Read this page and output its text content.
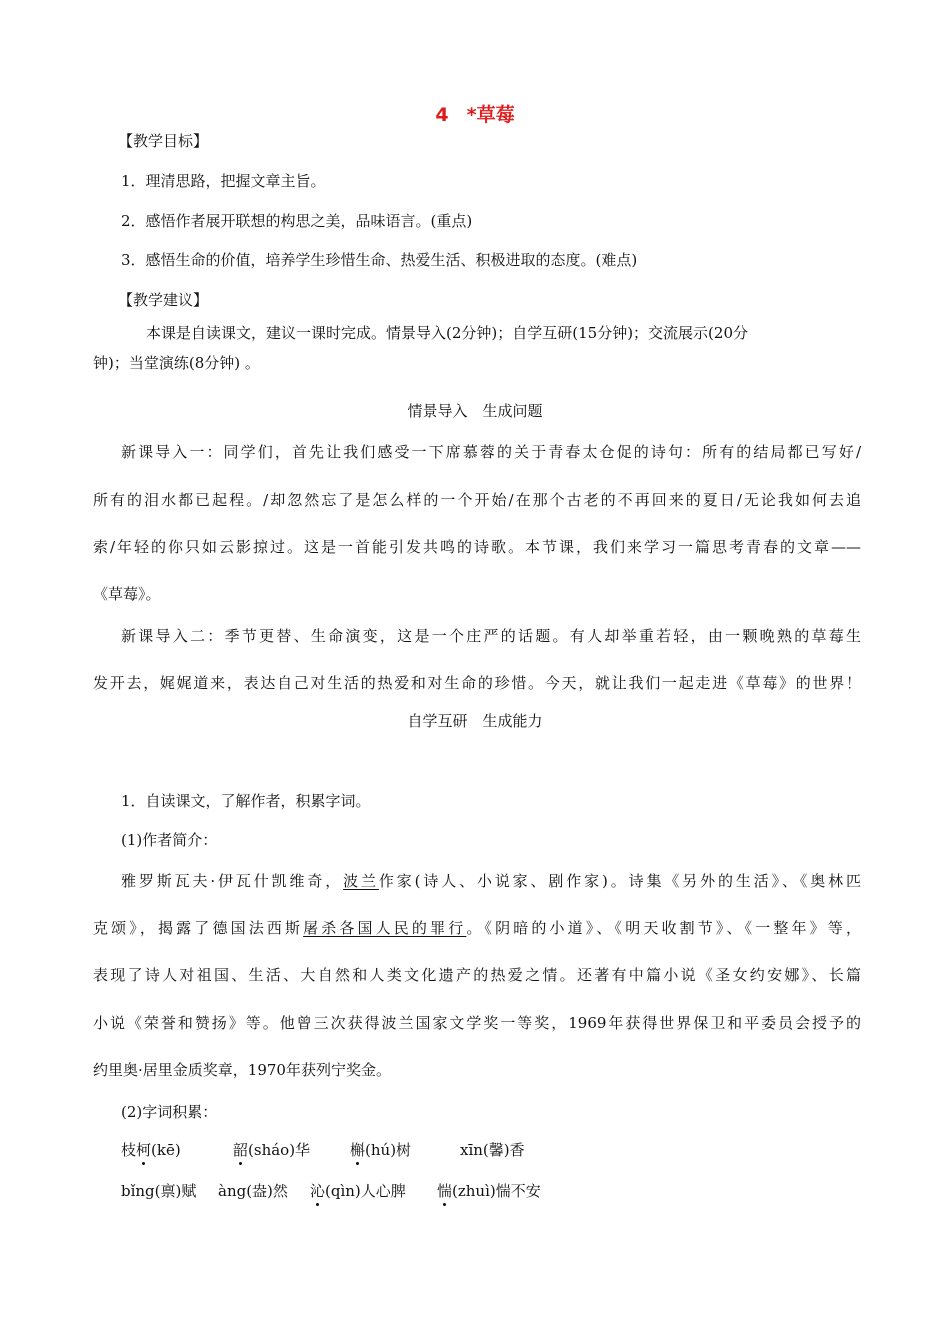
4 *草莓
【教学目标】
1．理清思路，把握文章主旨。
2．感悟作者展开联想的构思之美，品味语言。(重点)
3．感悟生命的价值，培养学生珍惜生命、热爱生活、积极进取的态度。(难点)
【教学建议】
本课是自读课文，建议一课时完成。情景导入(2分钟)；自学互研(15分钟)；交流展示(20分
钟)；当堂演练(8分钟) 。
情景导入　生成问题
新课导入一：同学们，首先让我们感受一下席慕蓉的关于青春太仓促的诗句：所有的结局都已写好/
所有的泪水都已起程。/却忽然忘了是怎么样的一个开始/在那个古老的不再回来的夏日/无论我如何去追
索/年轻的你只如云影掠过。这是一首能引发共鸣的诗歌。本节课，我们来学习一篇思考青春的文章——
《草莓》。
新课导入二：季节更替、生命演变，这是一个庄严的话题。有人却举重若轻，由一颗晚熟的草莓生
发开去，娓娓道来，表达自己对生活的热爱和对生命的珍惜。今天，就让我们一起走进《草莓》的世界！
自学互研　生成能力
1．自读课文，了解作者，积累字词。
(1)作者简介：
雅罗斯瓦夫·伊瓦什凯维奇，波兰作家(诗人、小说家、剧作家)。诗集《另外的生活》、《奥林匹
克颂》，揭露了德国法西斯屠杀各国人民的罪行。《阴暗的小道》、《明天收割节》、《一整年》等，
表现了诗人对祖国、生活、大自然和人类文化遗产的热爱之情。还著有中篇小说《圣女约安娜》、长篇
小说《荣誉和赞扬》等。他曾三次获得波兰国家文学奖一等奖，1969年获得世界保卫和平委员会授予的
约里奥·居里金质奖章，1970年获列宁奖金。
(2)字词积累：
枝柯(kē)	韶(sháo)华	槲(hú)树	xīn(馨)香
bǐng(禀)赋 àng(盎)然 沁(qìn)人心脾 惴(zhuì)惴不安
